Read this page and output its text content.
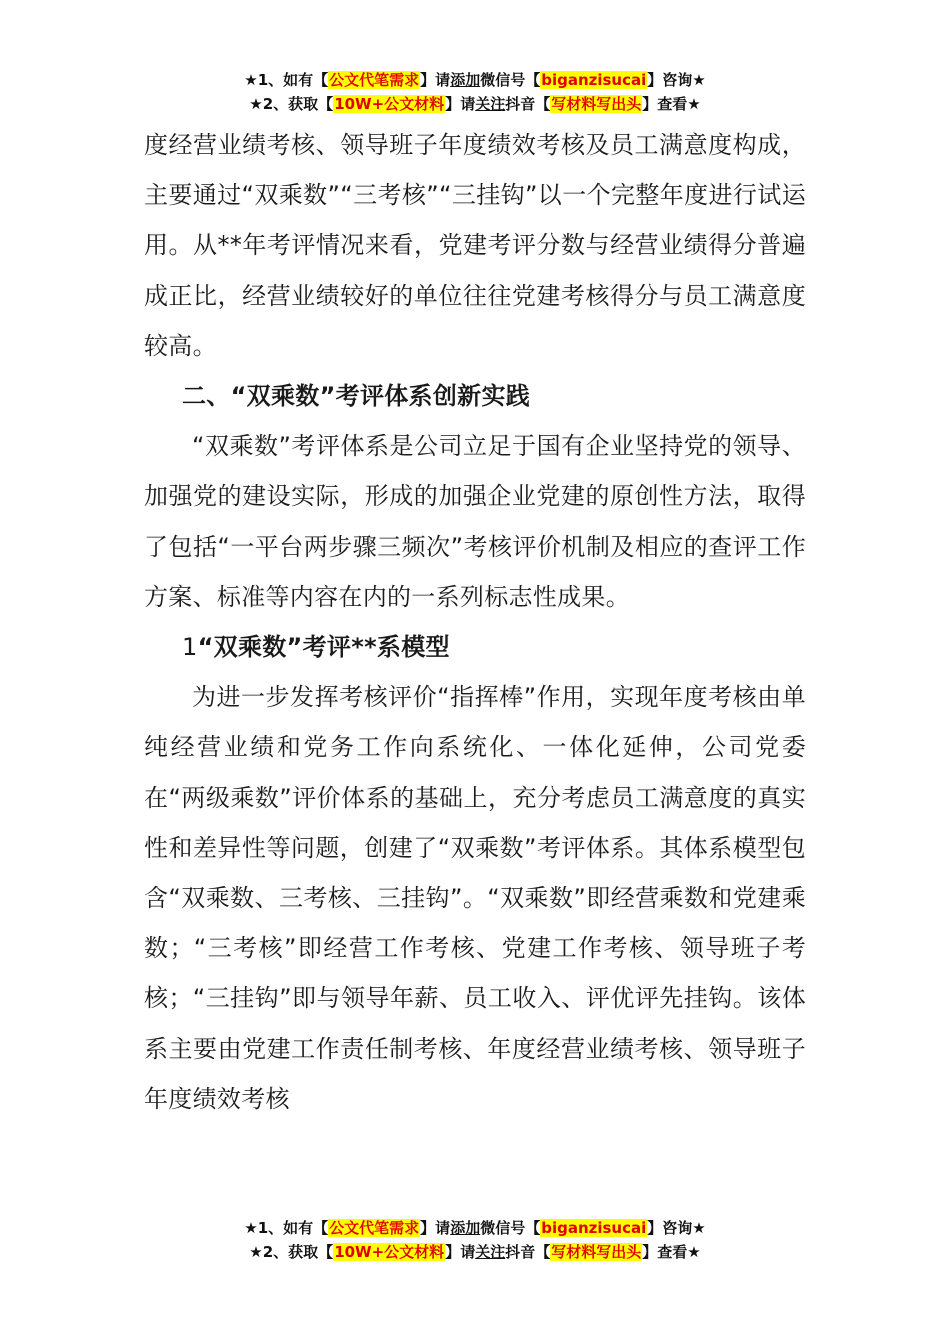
★1、如有【公文代笔需求】请添加微信号【biganzisucai】咨询★
★2、获取【10W+公文材料】请关注抖音【写材料写出头】查看★

度经营业绩考核、领导班子年度绩效考核及员工满意度构成，主要通过“双乘数”“三考核”“三挂钩”以一个完整年度进行试运用。从**年考评情况来看，党建考评分数与经营业绩得分普遍成正比，经营业绩较好的单位往往党建考核得分与员工满意度较高。

二、“双乘数”考评体系创新实践

“双乘数”考评体系是公司立足于国有企业坚持党的领导、加强党的建设实际，形成的加强企业党建的原创性方法，取得了包括“一平台两步骤三频次”考核评价机制及相应的查评工作方案、标准等内容在内的一系列标志性成果。

1“双乘数”考评**系模型

为进一步发挥考核评价“指挥棒”作用，实现年度考核由单纯经营业绩和党务工作向系统化、一体化延伸，公司党委在“两级乘数”评价体系的基础上，充分考虑员工满意度的真实性和差异性等问题，创建了“双乘数”考评体系。其体系模型包含“双乘数、三考核、三挂钩”。“双乘数”即经营乘数和党建乘数；“三考核”即经营工作考核、党建工作考核、领导班子考核；“三挂钩”即与领导年薪、员工收入、评优评先挂钩。该体系主要由党建工作责任制考核、年度经营业绩考核、领导班子年度绩效考核

★1、如有【公文代笔需求】请添加微信号【biganzisucai】咨询★
★2、获取【10W+公文材料】请关注抖音【写材料写出头】查看★
